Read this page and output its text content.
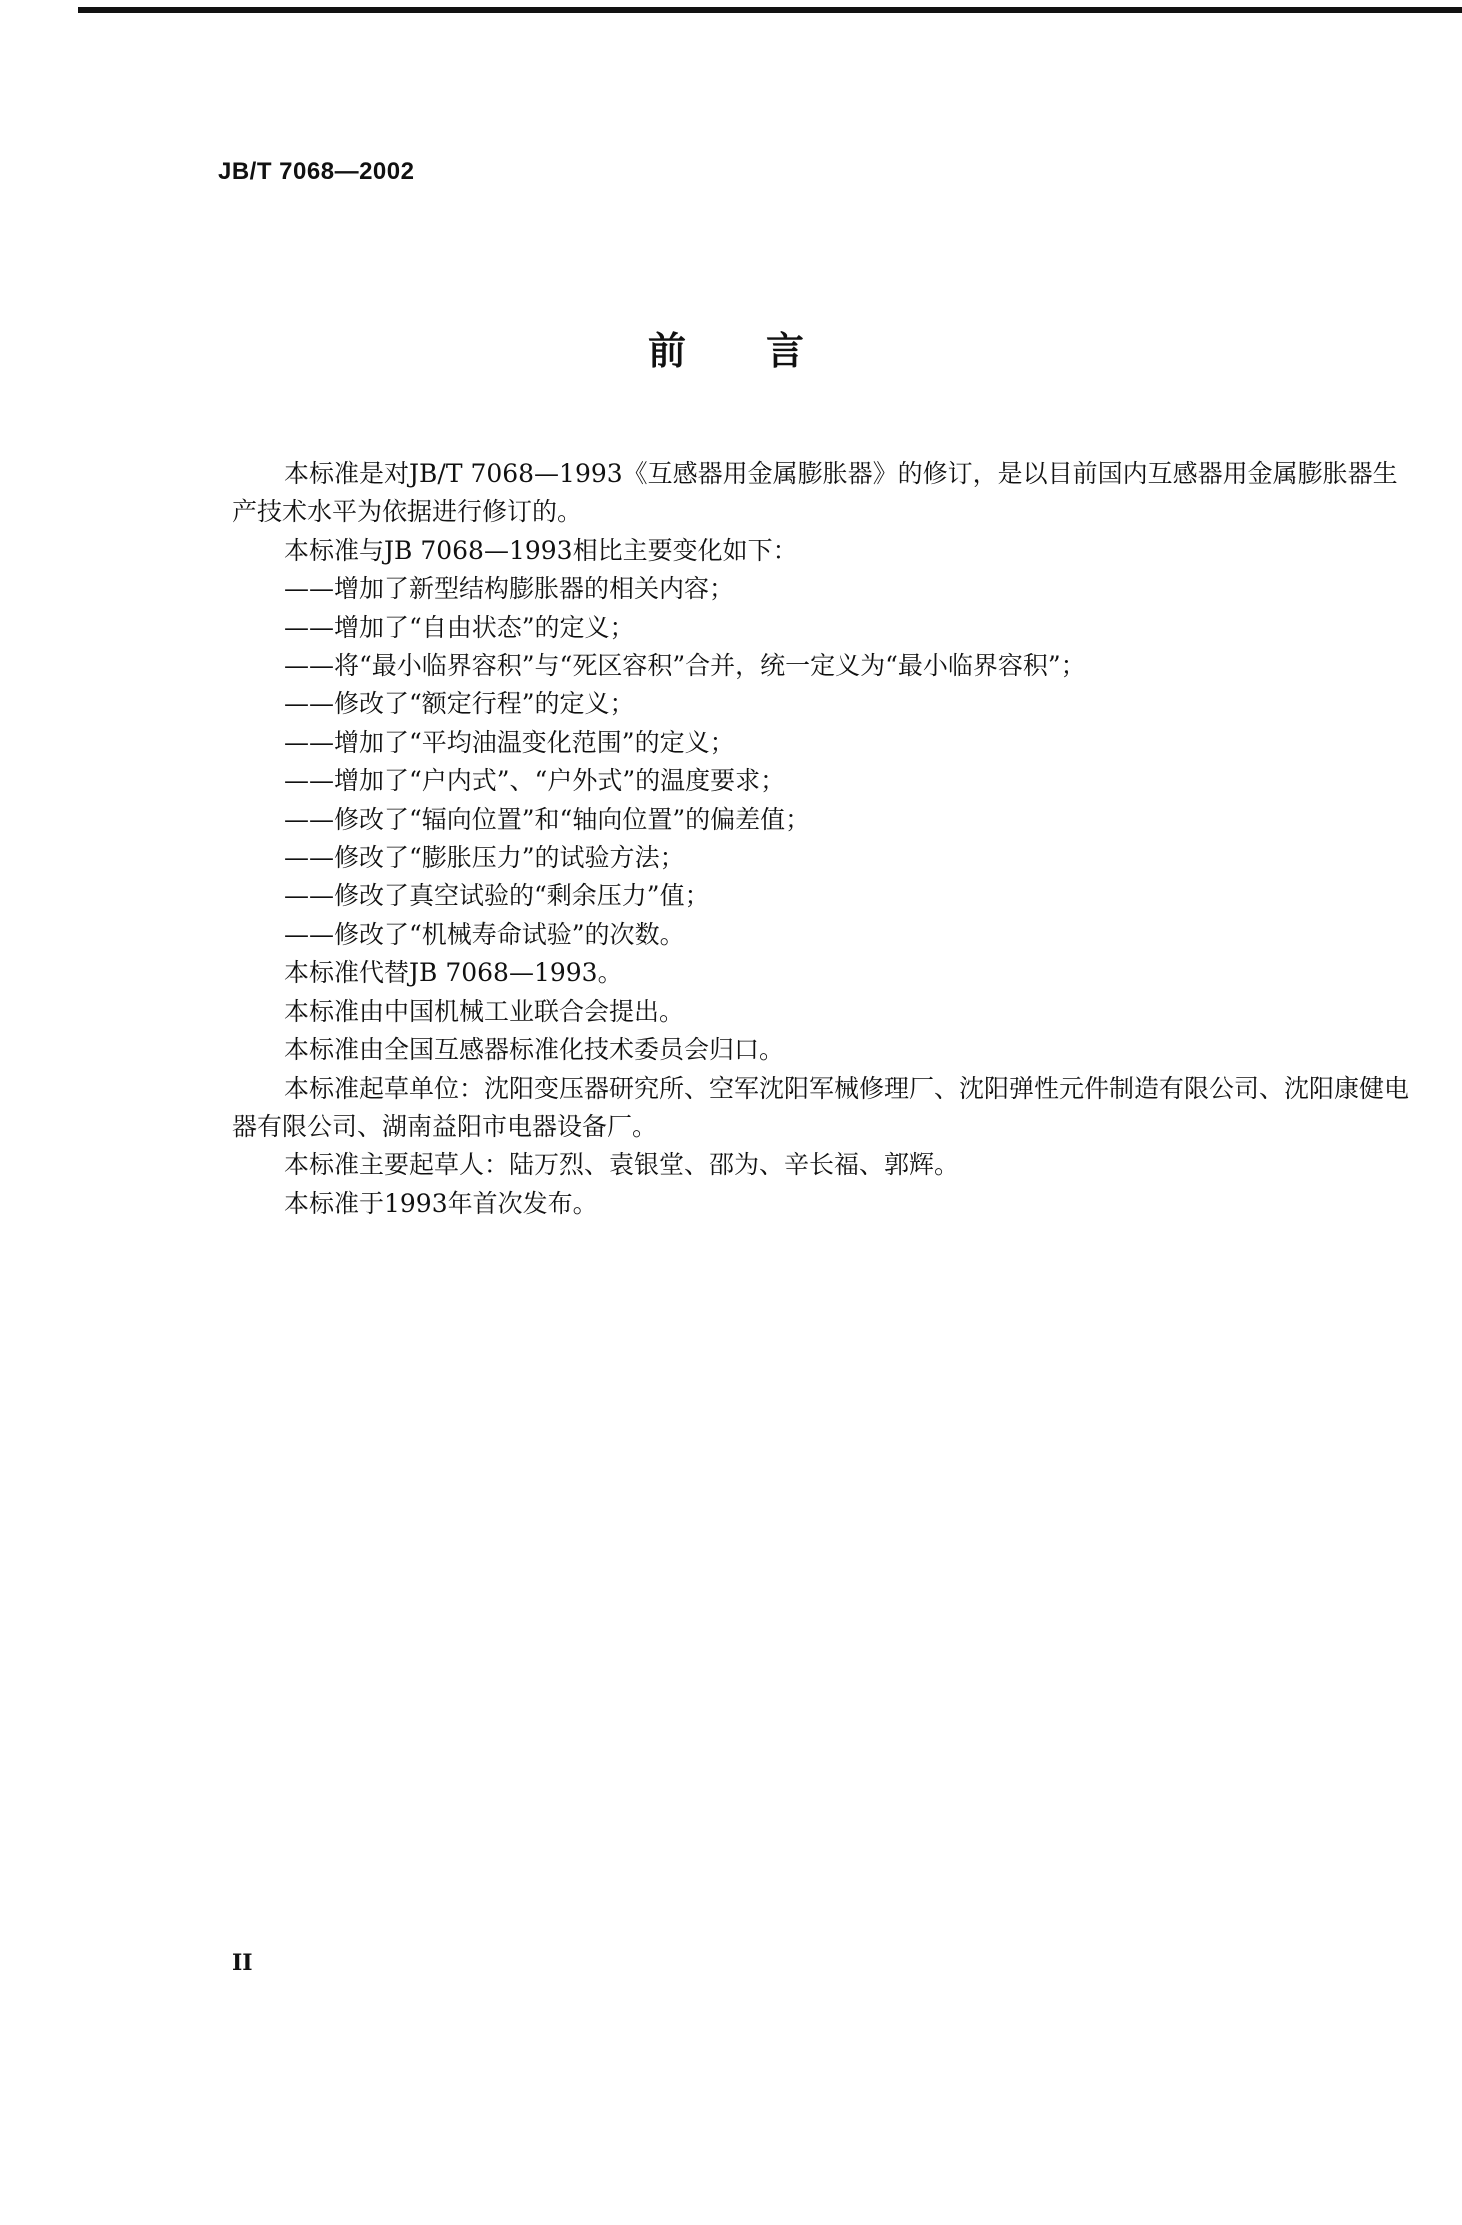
JB/T 7068—2002
前言

本标准是对JB/T 7068—1993《互感器用金属膨胀器》的修订，是以目前国内互感器用金属膨胀器生产技术水平为依据进行修订的。

本标准与JB 7068—1993相比主要变化如下：

——增加了新型结构膨胀器的相关内容；

——增加了“自由状态”的定义；

——将“最小临界容积”与“死区容积”合并，统一定义为“最小临界容积”；

——修改了“额定行程”的定义；

——增加了“平均油温变化范围”的定义；

——增加了“户内式”、“户外式”的温度要求；

——修改了“辐向位置”和“轴向位置”的偏差值；

——修改了“膨胀压力”的试验方法；

——修改了真空试验的“剩余压力”值；

——修改了“机械寿命试验”的次数。

本标准代替JB 7068—1993。

本标准由中国机械工业联合会提出。

本标准由全国互感器标准化技术委员会归口。

本标准起草单位：沈阳变压器研究所、空军沈阳军械修理厂、沈阳弹性元件制造有限公司、沈阳康健电器有限公司、湖南益阳市电器设备厂。

本标准主要起草人：陆万烈、袁银堂、邵为、辛长福、郭辉。

本标准于1993年首次发布。

II
